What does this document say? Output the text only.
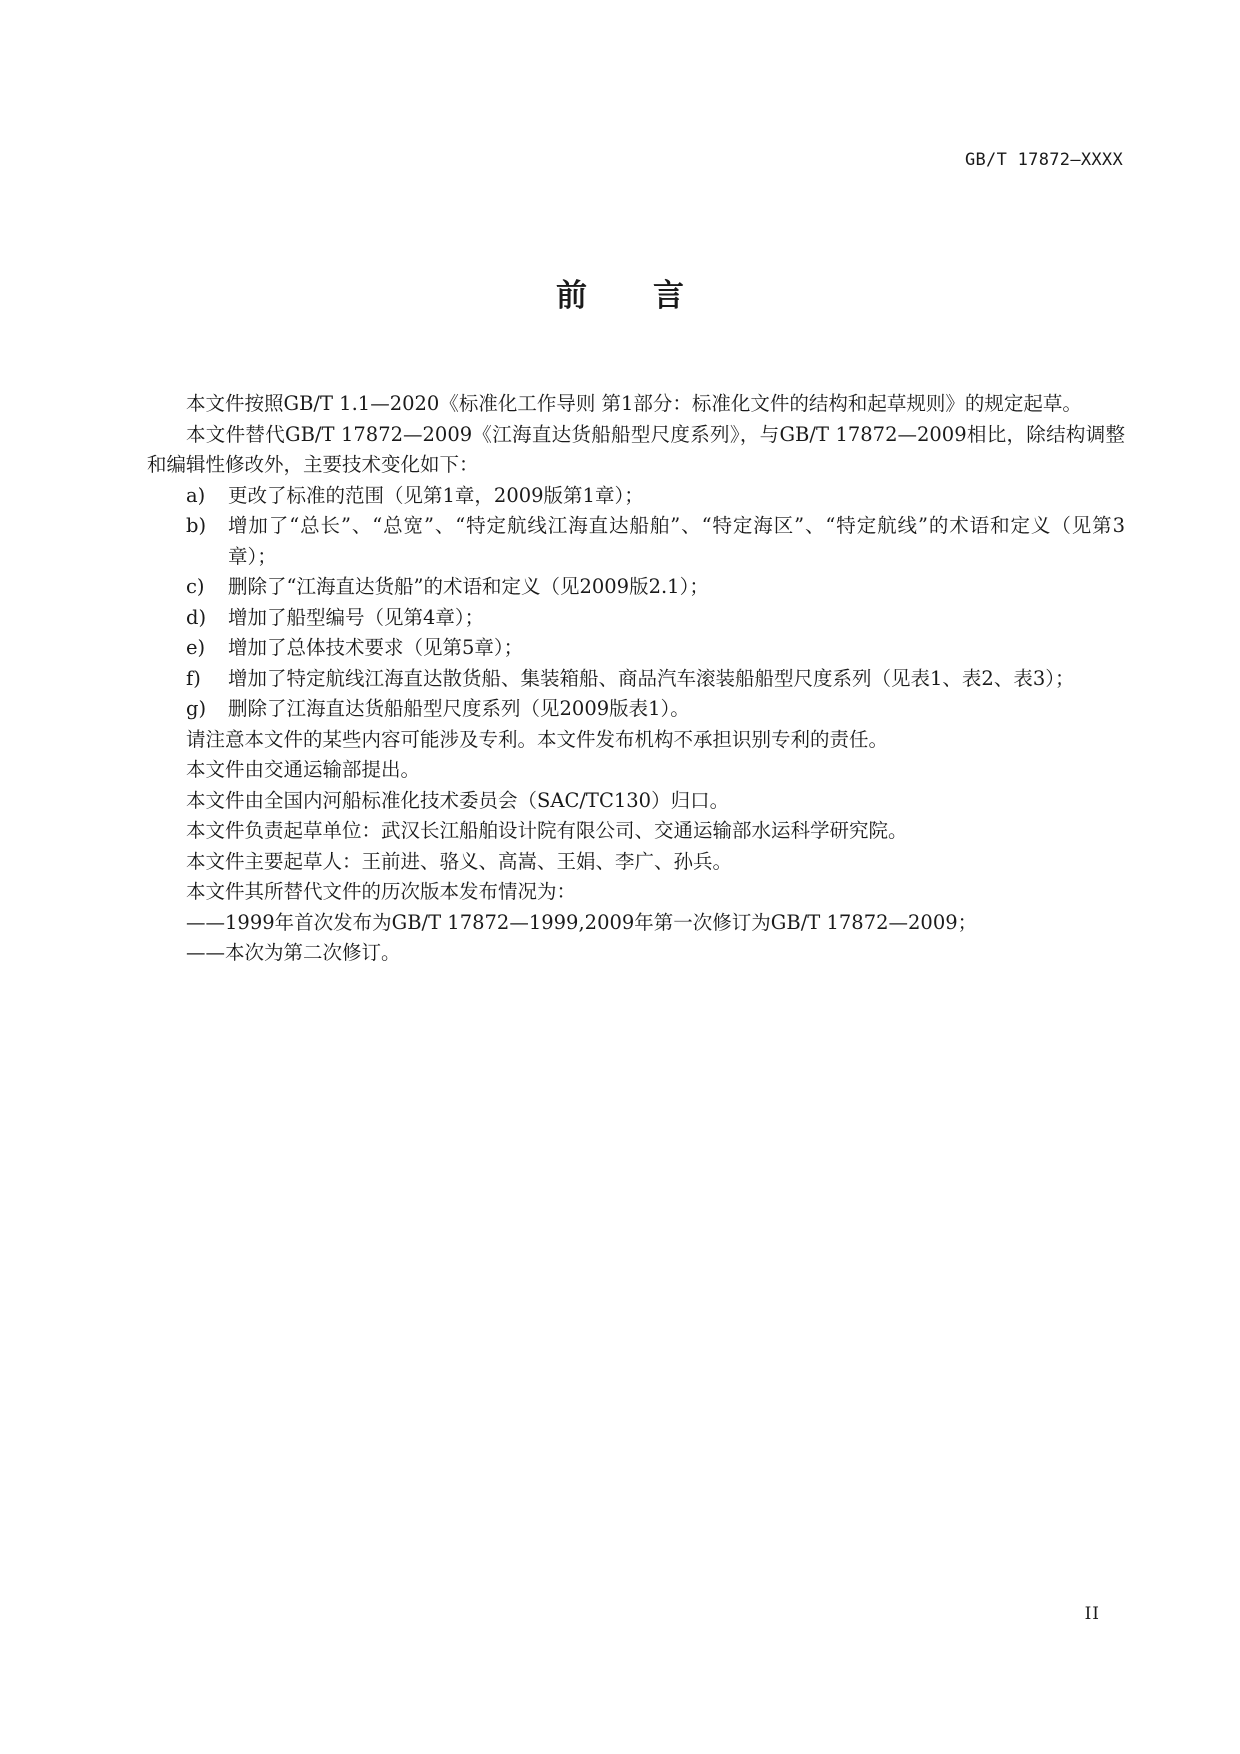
GB/T 17872—XXXX
前言

本文件按照GB/T 1.1—2020《标准化工作导则 第1部分：标准化文件的结构和起草规则》的规定起草。

本文件替代GB/T 17872—2009《江海直达货船船型尺度系列》，与GB/T 17872—2009相比，除结构调整和编辑性修改外，主要技术变化如下：

a)	更改了标准的范围（见第1章，2009版第1章）；
b)	增加了“总长”、“总宽”、“特定航线江海直达船舶”、“特定海区”、“特定航线”的术语和定义（见第3章）；
c)	删除了“江海直达货船”的术语和定义（见2009版2.1）；
d)	增加了船型编号（见第4章）；
e)	增加了总体技术要求（见第5章）；
f)	增加了特定航线江海直达散货船、集装箱船、商品汽车滚装船船型尺度系列（见表1、表2、表3）；
g)	删除了江海直达货船船型尺度系列（见2009版表1）。

请注意本文件的某些内容可能涉及专利。本文件发布机构不承担识别专利的责任。

本文件由交通运输部提出。

本文件由全国内河船标准化技术委员会（SAC/TC130）归口。

本文件负责起草单位：武汉长江船舶设计院有限公司、交通运输部水运科学研究院。

本文件主要起草人：王前进、骆义、高嵩、王娟、李广、孙兵。

本文件其所替代文件的历次版本发布情况为：

——1999年首次发布为GB/T 17872—1999,2009年第一次修订为GB/T 17872—2009；

——本次为第二次修订。

II
